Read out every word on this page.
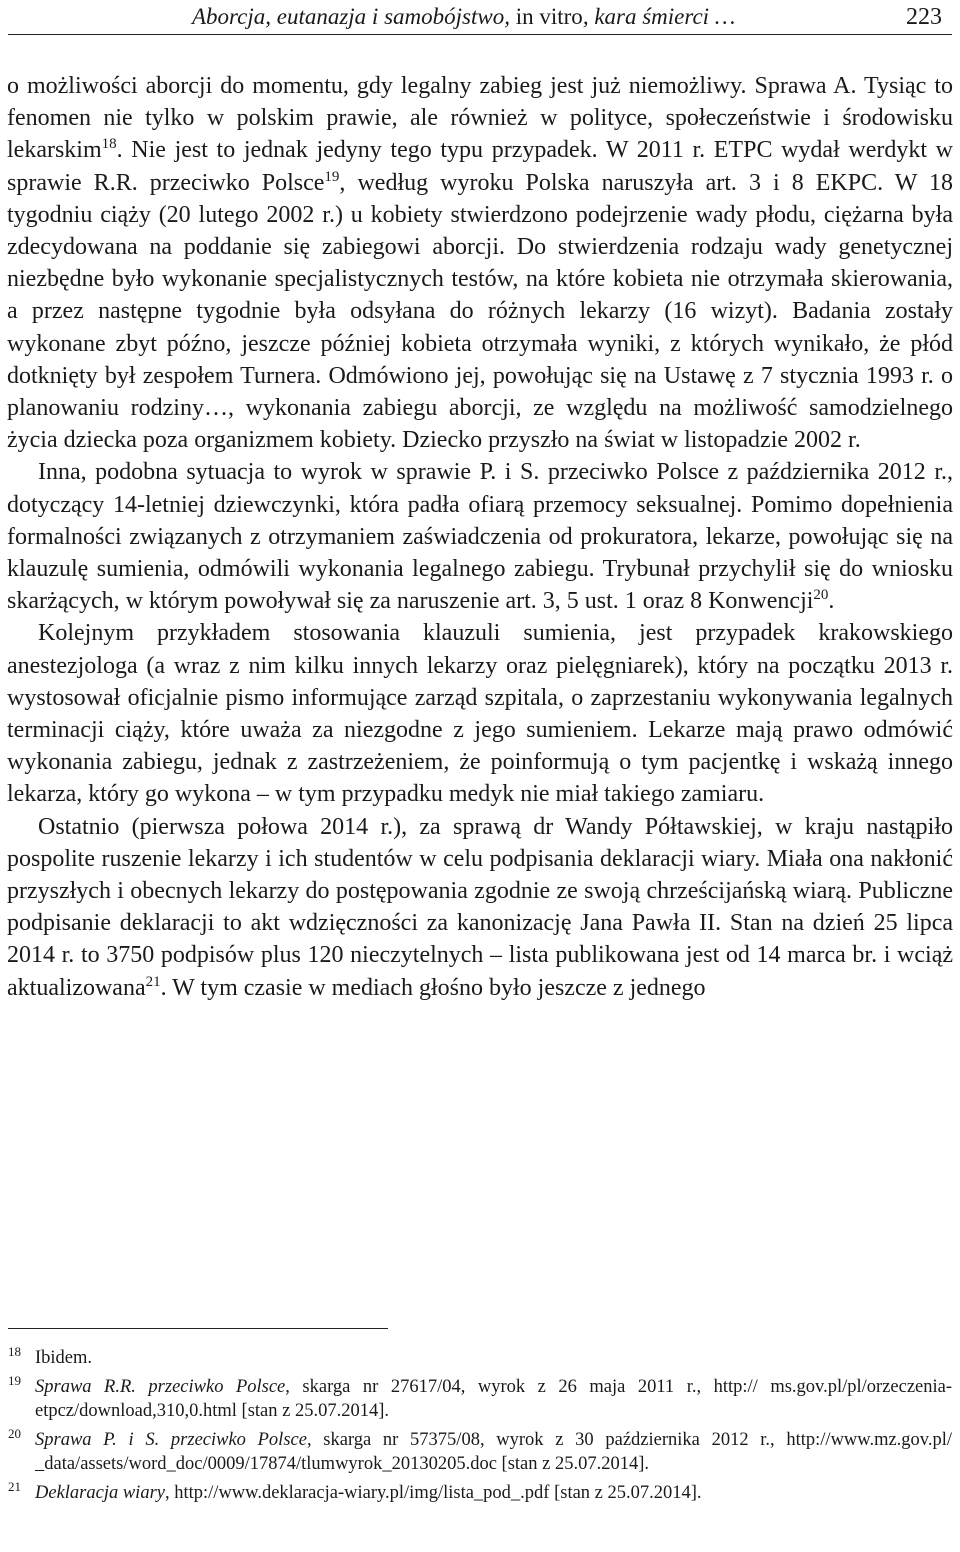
Aborcja, eutanazja i samobójstwo, in vitro, kara śmierci …	223

o możliwości aborcji do momentu, gdy legalny zabieg jest już niemożliwy. Sprawa A. Tysiąc to fenomen nie tylko w polskim prawie, ale również w polityce, społeczeństwie i środowisku lekarskim$^{18}$. Nie jest to jednak jedyny tego typu przypadek. W 2011 r. ETPC wydał werdykt w sprawie R.R. przeciwko Polsce$^{19}$, według wyroku Polska naruszyła art. 3 i 8 EKPC. W 18 tygodniu ciąży (20 lutego 2002 r.) u kobiety stwierdzono podejrzenie wady płodu, ciężarna była zdecydowana na poddanie się zabiegowi aborcji. Do stwierdzenia rodzaju wady genetycznej niezbędne było wykonanie specjalistycznych testów, na które kobieta nie otrzymała skierowania, a przez następne tygodnie była odsyłana do różnych lekarzy (16 wizyt). Badania zostały wykonane zbyt późno, jeszcze później kobieta otrzymała wyniki, z których wynikało, że płód dotknięty był zespołem Turnera. Odmówiono jej, powołując się na Ustawę z 7 stycznia 1993 r. o planowaniu rodziny…, wykonania zabiegu aborcji, ze względu na możliwość samodzielnego życia dziecka poza organizmem kobiety. Dziecko przyszło na świat w listopadzie 2002 r.

Inna, podobna sytuacja to wyrok w sprawie P. i S. przeciwko Polsce z października 2012 r., dotyczący 14-letniej dziewczynki, która padła ofiarą przemocy seksualnej. Pomimo dopełnienia formalności związanych z otrzymaniem zaświadczenia od prokuratora, lekarze, powołując się na klauzulę sumienia, odmówili wykonania legalnego zabiegu. Trybunał przychylił się do wniosku skarżących, w którym powoływał się za naruszenie art. 3, 5 ust. 1 oraz 8 Konwencji$^{20}$.

Kolejnym przykładem stosowania klauzuli sumienia, jest przypadek krakowskiego anestezjologa (a wraz z nim kilku innych lekarzy oraz pielęgniarek), który na początku 2013 r. wystosował oficjalnie pismo informujące zarząd szpitala, o zaprzestaniu wykonywania legalnych terminacji ciąży, które uważa za niezgodne z jego sumieniem. Lekarze mają prawo odmówić wykonania zabiegu, jednak z zastrzeżeniem, że poinformują o tym pacjentkę i wskażą innego lekarza, który go wykona – w tym przypadku medyk nie miał takiego zamiaru.

Ostatnio (pierwsza połowa 2014 r.), za sprawą dr Wandy Półtawskiej, w kraju nastąpiło pospolite ruszenie lekarzy i ich studentów w celu podpisania deklaracji wiary. Miała ona nakłonić przyszłych i obecnych lekarzy do postępowania zgodnie ze swoją chrześcijańską wiarą. Publiczne podpisanie deklaracji to akt wdzięczności za kanonizację Jana Pawła II. Stan na dzień 25 lipca 2014 r. to 3750 podpisów plus 120 nieczytelnych – lista publikowana jest od 14 marca br. i wciąż aktualizowana$^{21}$. W tym czasie w mediach głośno było jeszcze z jednego

18 Ibidem.
19 Sprawa R.R. przeciwko Polsce, skarga nr 27617/04, wyrok z 26 maja 2011 r., http:// ms.gov.pl/pl/orzeczenia-etpcz/download,310,0.html [stan z 25.07.2014].
20 Sprawa P. i S. przeciwko Polsce, skarga nr 57375/08, wyrok z 30 października 2012 r., http://www.mz.gov.pl/  data/assets/word_doc/0009/17874/tlumwyrok_20130205.doc [stan z 25.07.2014].
21 Deklaracja wiary, http://www.deklaracja-wiary.pl/img/lista_pod_.pdf [stan z 25.07.2014].
